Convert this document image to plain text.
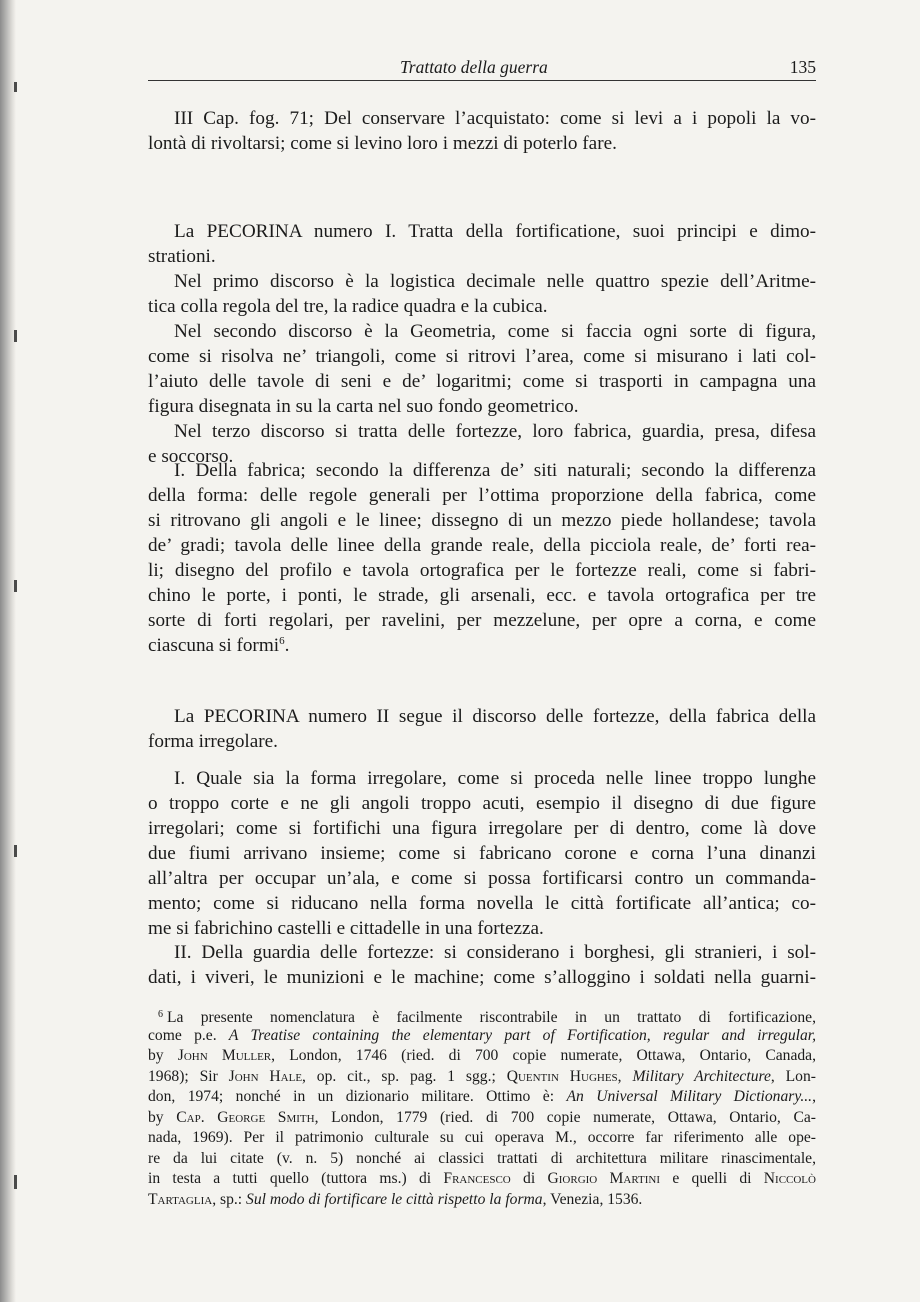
Trattato della guerra	135
III Cap. fog. 71; Del conservare l’acquistato: come si levi a i popoli la vo-
lontà di rivoltarsi; come si levino loro i mezzi di poterlo fare.
La PECORINA numero I. Tratta della fortificatione, suoi principi e dimo-
strationi.
Nel primo discorso è la logistica decimale nelle quattro spezie dell’Aritme-
tica colla regola del tre, la radice quadra e la cubica.
Nel secondo discorso è la Geometria, come si faccia ogni sorte di figura,
come si risolva ne’ triangoli, come si ritrovi l’area, come si misurano i lati col-
l’aiuto delle tavole di seni e de’ logaritmi; come si trasporti in campagna una
figura disegnata in su la carta nel suo fondo geometrico.
Nel terzo discorso si tratta delle fortezze, loro fabrica, guardia, presa, difesa
e soccorso.
I. Della fabrica; secondo la differenza de’ siti naturali; secondo la differenza
della forma: delle regole generali per l’ottima proporzione della fabrica, come
si ritrovano gli angoli e le linee; dissegno di un mezzo piede hollandese; tavola
de’ gradi; tavola delle linee della grande reale, della picciola reale, de’ forti rea-
li; disegno del profilo e tavola ortografica per le fortezze reali, come si fabri-
chino le porte, i ponti, le strade, gli arsenali, ecc. e tavola ortografica per tre
sorte di forti regolari, per ravelini, per mezzelune, per opre a corna, e come
ciascuna si formi$^6$.
La PECORINA numero II segue il discorso delle fortezze, della fabrica della
forma irregolare.
I. Quale sia la forma irregolare, come si proceda nelle linee troppo lunghe
o troppo corte e ne gli angoli troppo acuti, esempio il disegno di due figure
irregolari; come si fortifichi una figura irregolare per di dentro, come là dove
due fiumi arrivano insieme; come si fabricano corone e corna l’una dinanzi
all’altra per occupar un’ala, e come si possa fortificarsi contro un commanda-
mento; come si riducano nella forma novella le città fortificate all’antica; co-
me si fabrichino castelli e cittadelle in una fortezza.
II. Della guardia delle fortezze: si considerano i borghesi, gli stranieri, i sol-
dati, i viveri, le munizioni e le machine; come s’alloggino i soldati nella guarni-
6 La presente nomenclatura è facilmente riscontrabile in un trattato di fortificazione,
come p.e. A Treatise containing the elementary part of Fortification, regular and irregular,
by John Muller, London, 1746 (ried. di 700 copie numerate, Ottawa, Ontario, Canada,
1968); Sir John Hale, op. cit., sp. pag. 1 sgg.; Quentin Hughes, Military Architecture, Lon-
don, 1974; nonché in un dizionario militare. Ottimo è: An Universal Military Dictionary...,
by Cap. George Smith, London, 1779 (ried. di 700 copie numerate, Ottawa, Ontario, Ca-
nada, 1969). Per il patrimonio culturale su cui operava M., occorre far riferimento alle ope-
re da lui citate (v. n. 5) nonché ai classici trattati di architettura militare rinascimentale,
in testa a tutti quello (tuttora ms.) di Francesco di Giorgio Martini e quelli di Niccolò
Tartaglia, sp.: Sul modo di fortificare le città rispetto la forma, Venezia, 1536.
